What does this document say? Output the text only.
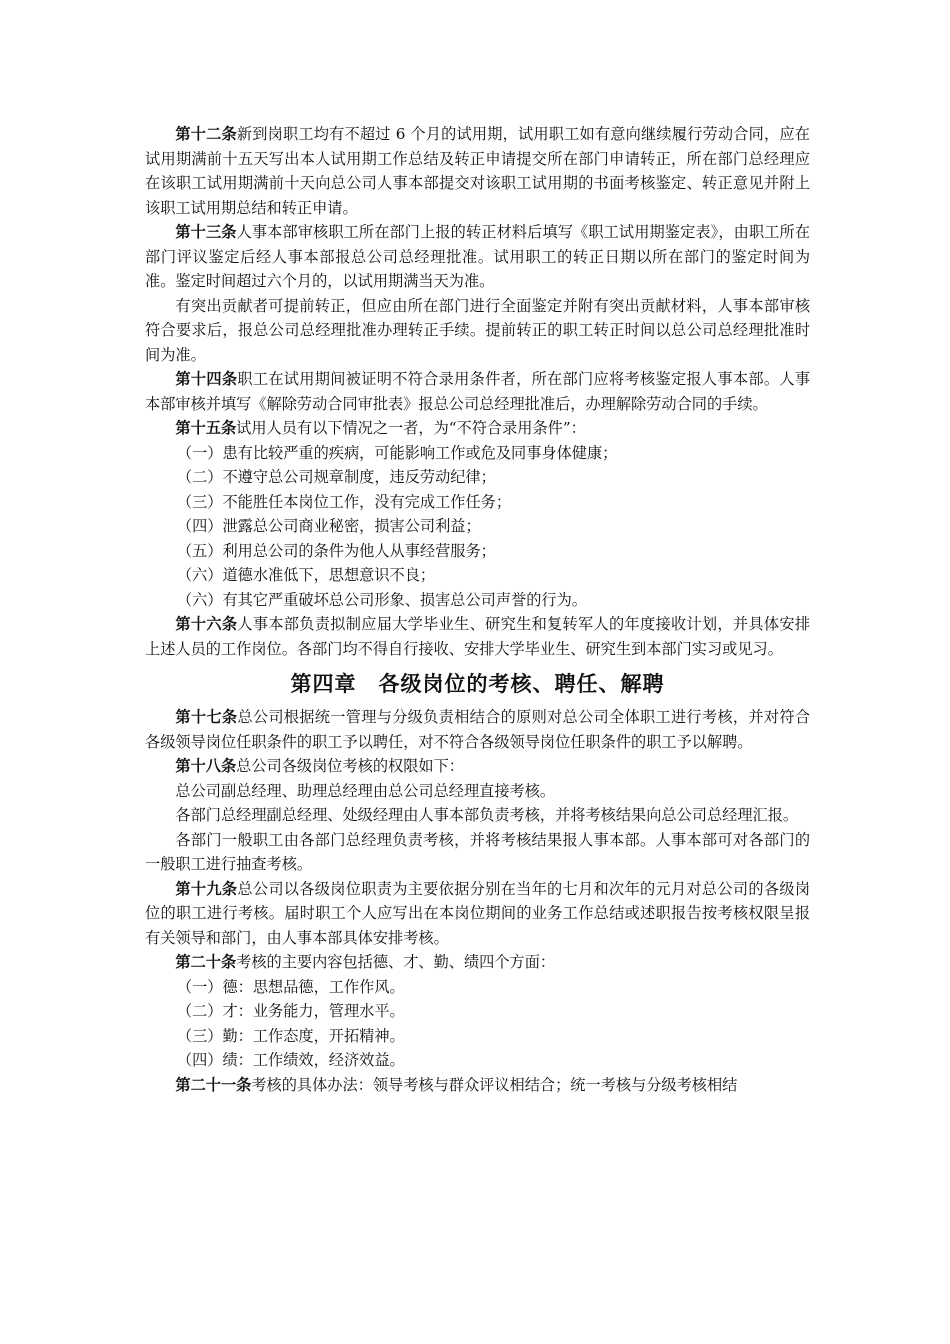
第十二条新到岗职工均有不超过 6 个月的试用期，试用职工如有意向继续履行劳动合同，应在试用期满前十五天写出本人试用期工作总结及转正申请提交所在部门申请转正，所在部门总经理应在该职工试用期满前十天向总公司人事本部提交对该职工试用期的书面考核鉴定、转正意见并附上该职工试用期总结和转正申请。

第十三条人事本部审核职工所在部门上报的转正材料后填写《职工试用期鉴定表》，由职工所在部门评议鉴定后经人事本部报总公司总经理批准。试用职工的转正日期以所在部门的鉴定时间为准。鉴定时间超过六个月的，以试用期满当天为准。

有突出贡献者可提前转正，但应由所在部门进行全面鉴定并附有突出贡献材料，人事本部审核符合要求后，报总公司总经理批准办理转正手续。提前转正的职工转正时间以总公司总经理批准时间为准。

第十四条职工在试用期间被证明不符合录用条件者，所在部门应将考核鉴定报人事本部。人事本部审核并填写《解除劳动合同审批表》报总公司总经理批准后，办理解除劳动合同的手续。

第十五条试用人员有以下情况之一者，为“不符合录用条件”：

（一）患有比较严重的疾病，可能影响工作或危及同事身体健康；

（二）不遵守总公司规章制度，违反劳动纪律；

（三）不能胜任本岗位工作，没有完成工作任务；

（四）泄露总公司商业秘密，损害公司利益；

（五）利用总公司的条件为他人从事经营服务；

（六）道德水准低下，思想意识不良；

（六）有其它严重破坏总公司形象、损害总公司声誉的行为。

第十六条人事本部负责拟制应届大学毕业生、研究生和复转军人的年度接收计划，并具体安排上述人员的工作岗位。各部门均不得自行接收、安排大学毕业生、研究生到本部门实习或见习。

第四章　各级岗位的考核、聘任、解聘

第十七条总公司根据统一管理与分级负责相结合的原则对总公司全体职工进行考核，并对符合各级领导岗位任职条件的职工予以聘任，对不符合各级领导岗位任职条件的职工予以解聘。

第十八条总公司各级岗位考核的权限如下：

总公司副总经理、助理总经理由总公司总经理直接考核。

各部门总经理副总经理、处级经理由人事本部负责考核，并将考核结果向总公司总经理汇报。

各部门一般职工由各部门总经理负责考核，并将考核结果报人事本部。人事本部可对各部门的一般职工进行抽查考核。

第十九条总公司以各级岗位职责为主要依据分别在当年的七月和次年的元月对总公司的各级岗位的职工进行考核。届时职工个人应写出在本岗位期间的业务工作总结或述职报告按考核权限呈报有关领导和部门，由人事本部具体安排考核。

第二十条考核的主要内容包括德、才、勤、绩四个方面：

（一）德：思想品德，工作作风。

（二）才：业务能力，管理水平。

（三）勤：工作态度，开拓精神。

（四）绩：工作绩效，经济效益。

第二十一条考核的具体办法：领导考核与群众评议相结合；统一考核与分级考核相结
